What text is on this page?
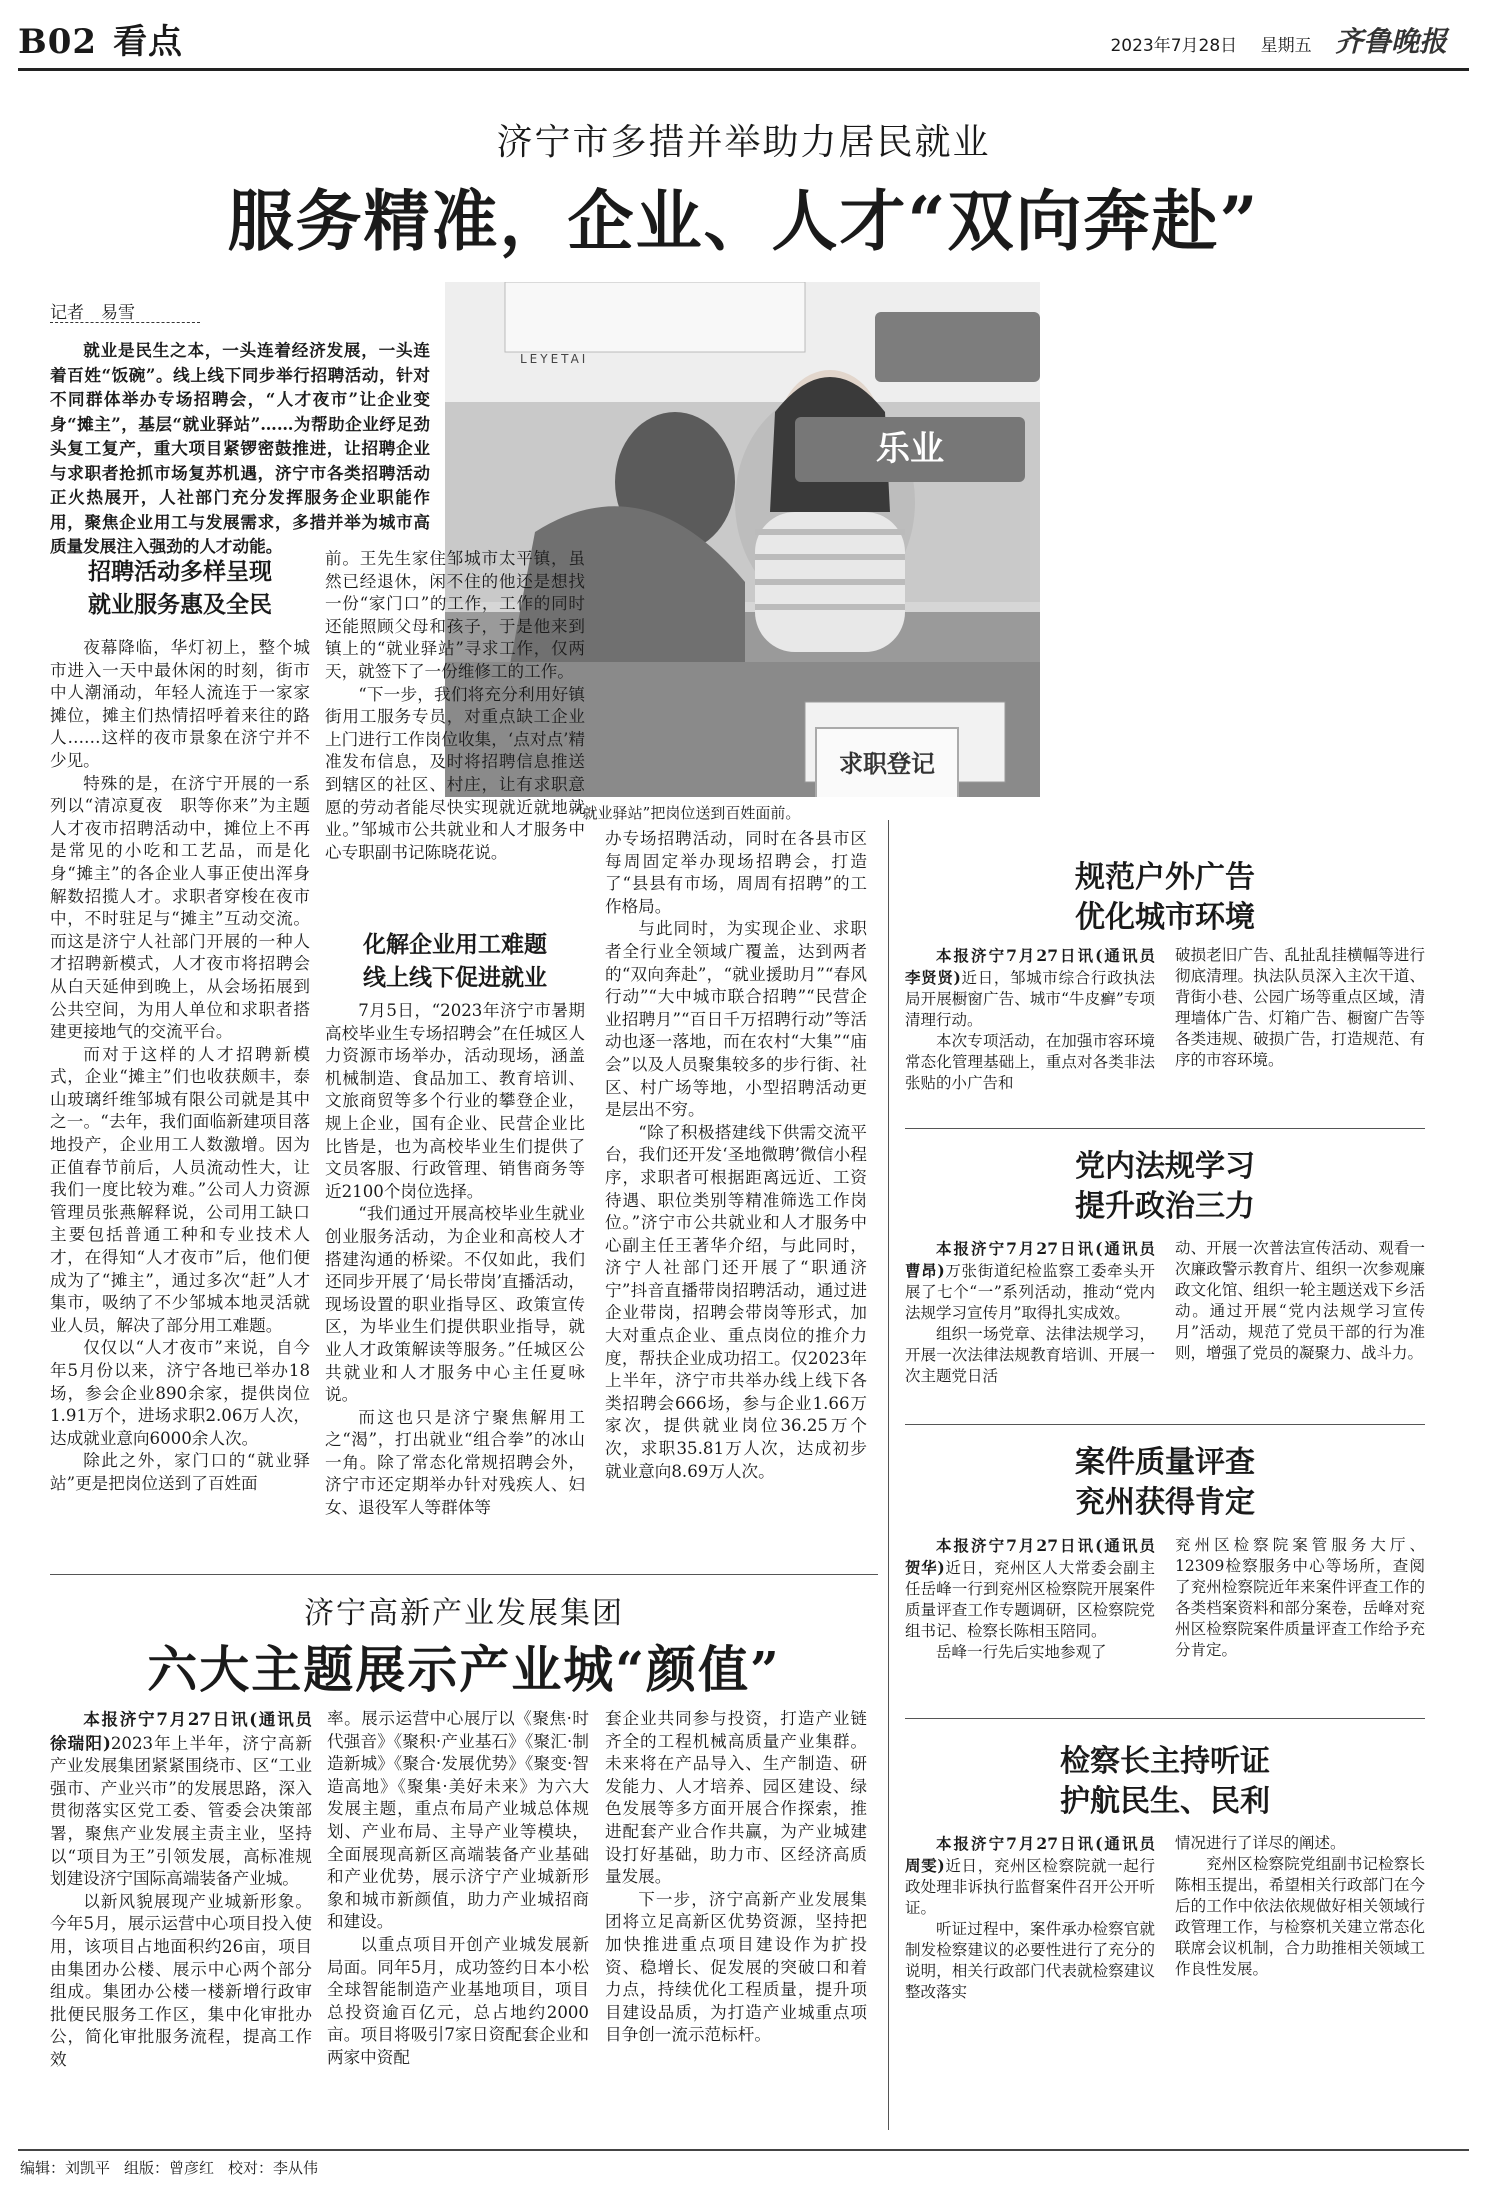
B02 看点	2023年7月28日 星期五 齐鲁晚报
济宁市多措并举助力居民就业
服务精准，企业、人才“双向奔赴”
记者　易雪

就业是民生之本，一头连着经济发展，一头连着百姓“饭碗”。线上线下同步举行招聘活动，针对不同群体举办专场招聘会，“人才夜市”让企业变身“摊主”，基层“就业驿站”……为帮助企业纾足劲头复工复产，重大项目紧锣密鼓推进，让招聘企业与求职者抢抓市场复苏机遇，济宁市各类招聘活动正火热展开，人社部门充分发挥服务企业职能作用，聚焦企业用工与发展需求，多措并举为城市高质量发展注入强劲的人才动能。

乐业
LEYETAI
求职登记
“就业驿站”把岗位送到百姓面前。
招聘活动多样呈现
就业服务惠及全民

夜幕降临，华灯初上，整个城市进入一天中最休闲的时刻，街市中人潮涌动，年轻人流连于一家家摊位，摊主们热情招呼着来往的路人……这样的夜市景象在济宁并不少见。

特殊的是，在济宁开展的一系列以“清凉夏夜　职等你来”为主题人才夜市招聘活动中，摊位上不再是常见的小吃和工艺品，而是化身“摊主”的各企业人事正使出浑身解数招揽人才。求职者穿梭在夜市中，不时驻足与“摊主”互动交流。而这是济宁人社部门开展的一种人才招聘新模式，人才夜市将招聘会从白天延伸到晚上，从会场拓展到公共空间，为用人单位和求职者搭建更接地气的交流平台。

而对于这样的人才招聘新模式，企业“摊主”们也收获颇丰，泰山玻璃纤维邹城有限公司就是其中之一。“去年，我们面临新建项目落地投产，企业用工人数激增。因为正值春节前后，人员流动性大，让我们一度比较为难。”公司人力资源管理员张燕解释说，公司用工缺口主要包括普通工种和专业技术人才，在得知“人才夜市”后，他们便成为了“摊主”，通过多次“赶”人才集市，吸纳了不少邹城本地灵活就业人员，解决了部分用工难题。

仅仅以“人才夜市”来说，自今年5月份以来，济宁各地已举办18场，参会企业890余家，提供岗位1.91万个，进场求职2.06万人次，达成就业意向6000余人次。

除此之外，家门口的“就业驿站”更是把岗位送到了百姓面

前。王先生家住邹城市太平镇，虽然已经退休，闲不住的他还是想找一份“家门口”的工作，工作的同时还能照顾父母和孩子，于是他来到镇上的“就业驿站”寻求工作，仅两天，就签下了一份维修工的工作。

“下一步，我们将充分利用好镇街用工服务专员，对重点缺工企业上门进行工作岗位收集，‘点对点’精准发布信息，及时将招聘信息推送到辖区的社区、村庄，让有求职意愿的劳动者能尽快实现就近就地就业。”邹城市公共就业和人才服务中心专职副书记陈晓花说。

化解企业用工难题
线上线下促进就业

7月5日，“2023年济宁市暑期高校毕业生专场招聘会”在任城区人力资源市场举办，活动现场，涵盖机械制造、食品加工、教育培训、文旅商贸等多个行业的攀登企业，规上企业，国有企业、民营企业比比皆是，也为高校毕业生们提供了文员客服、行政管理、销售商务等近2100个岗位选择。

“我们通过开展高校毕业生就业创业服务活动，为企业和高校人才搭建沟通的桥梁。不仅如此，我们还同步开展了‘局长带岗’直播活动，现场设置的职业指导区、政策宣传区，为毕业生们提供职业指导，就业人才政策解读等服务。”任城区公共就业和人才服务中心主任夏咏说。

而这也只是济宁聚焦解用工之“渴”，打出就业“组合拳”的冰山一角。除了常态化常规招聘会外，济宁市还定期举办针对残疾人、妇女、退役军人等群体等

办专场招聘活动，同时在各县市区每周固定举办现场招聘会，打造了“县县有市场，周周有招聘”的工作格局。

与此同时，为实现企业、求职者全行业全领域广覆盖，达到两者的“双向奔赴”，“就业援助月”“春风行动”“大中城市联合招聘”“民营企业招聘月”“百日千万招聘行动”等活动也逐一落地，而在农村“大集”“庙会”以及人员聚集较多的步行街、社区、村广场等地，小型招聘活动更是层出不穷。

“除了积极搭建线下供需交流平台，我们还开发‘圣地微聘’微信小程序，求职者可根据距离远近、工资待遇、职位类别等精准筛选工作岗位。”济宁市公共就业和人才服务中心副主任王著华介绍，与此同时，济宁人社部门还开展了“职通济宁”抖音直播带岗招聘活动，通过进企业带岗，招聘会带岗等形式，加大对重点企业、重点岗位的推介力度，帮扶企业成功招工。仅2023年上半年，济宁市共举办线上线下各类招聘会666场，参与企业1.66万家次，提供就业岗位36.25万个次，求职35.81万人次，达成初步就业意向8.69万人次。

济宁高新产业发展集团
六大主题展示产业城“颜值”

本报济宁7月27日讯(通讯员　徐瑞阳)2023年上半年，济宁高新产业发展集团紧紧围绕市、区“工业强市、产业兴市”的发展思路，深入贯彻落实区党工委、管委会决策部署，聚焦产业发展主责主业，坚持以“项目为王”引领发展，高标准规划建设济宁国际高端装备产业城。

以新风貌展现产业城新形象。今年5月，展示运营中心项目投入使用，该项目占地面积约26亩，项目由集团办公楼、展示中心两个部分组成。集团办公楼一楼新增行政审批便民服务工作区，集中化审批办公，简化审批服务流程，提高工作效

率。展示运营中心展厅以《聚焦·时代强音》《聚积·产业基石》《聚汇·制造新城》《聚合·发展优势》《聚变·智造高地》《聚集·美好未来》为六大发展主题，重点布局产业城总体规划、产业布局、主导产业等模块，全面展现高新区高端装备产业基础和产业优势，展示济宁产业城新形象和城市新颜值，助力产业城招商和建设。

以重点项目开创产业城发展新局面。同年5月，成功签约日本小松全球智能制造产业基地项目，项目总投资逾百亿元，总占地约2000亩。项目将吸引7家日资配套企业和两家中资配

套企业共同参与投资，打造产业链齐全的工程机械高质量产业集群。未来将在产品导入、生产制造、研发能力、人才培养、园区建设、绿色发展等多方面开展合作探索，推进配套产业合作共赢，为产业城建设打好基础，助力市、区经济高质量发展。

下一步，济宁高新产业发展集团将立足高新区优势资源，坚持把加快推进重点项目建设作为扩投资、稳增长、促发展的突破口和着力点，持续优化工程质量，提升项目建设品质，为打造产业城重点项目争创一流示范标杆。

规范户外广告
优化城市环境

本报济宁7月27日讯(通讯员　李贤贤)近日，邹城市综合行政执法局开展橱窗广告、城市“牛皮癣”专项清理行动。

本次专项活动，在加强市容环境常态化管理基础上，重点对各类非法张贴的小广告和

破损老旧广告、乱扯乱挂横幅等进行彻底清理。执法队员深入主次干道、背街小巷、公园广场等重点区域，清理墙体广告、灯箱广告、橱窗广告等各类违规、破损广告，打造规范、有序的市容环境。

党内法规学习
提升政治三力

本报济宁7月27日讯(通讯员　曹昂)万张街道纪检监察工委牵头开展了七个“一”系列活动，推动“党内法规学习宣传月”取得扎实成效。

组织一场党章、法律法规学习，开展一次法律法规教育培训、开展一次主题党日活

动、开展一次普法宣传活动、观看一次廉政警示教育片、组织一次参观廉政文化馆、组织一轮主题送戏下乡活动。通过开展“党内法规学习宣传月”活动，规范了党员干部的行为准则，增强了党员的凝聚力、战斗力。

案件质量评查
兖州获得肯定

本报济宁7月27日讯(通讯员　贺华)近日，兖州区人大常委会副主任岳峰一行到兖州区检察院开展案件质量评查工作专题调研，区检察院党组书记、检察长陈相玉陪同。

岳峰一行先后实地参观了

兖州区检察院案管服务大厅、12309检察服务中心等场所，查阅了兖州检察院近年来案件评查工作的各类档案资料和部分案卷，岳峰对兖州区检察院案件质量评查工作给予充分肯定。

检察长主持听证
护航民生、民利

本报济宁7月27日讯(通讯员　周雯)近日，兖州区检察院就一起行政处理非诉执行监督案件召开公开听证。

听证过程中，案件承办检察官就制发检察建议的必要性进行了充分的说明，相关行政部门代表就检察建议整改落实

情况进行了详尽的阐述。

兖州区检察院党组副书记检察长陈相玉提出，希望相关行政部门在今后的工作中依法依规做好相关领域行政管理工作，与检察机关建立常态化联席会议机制，合力助推相关领域工作良性发展。

编辑：刘凯平 组版：曾彦红 校对：李从伟
